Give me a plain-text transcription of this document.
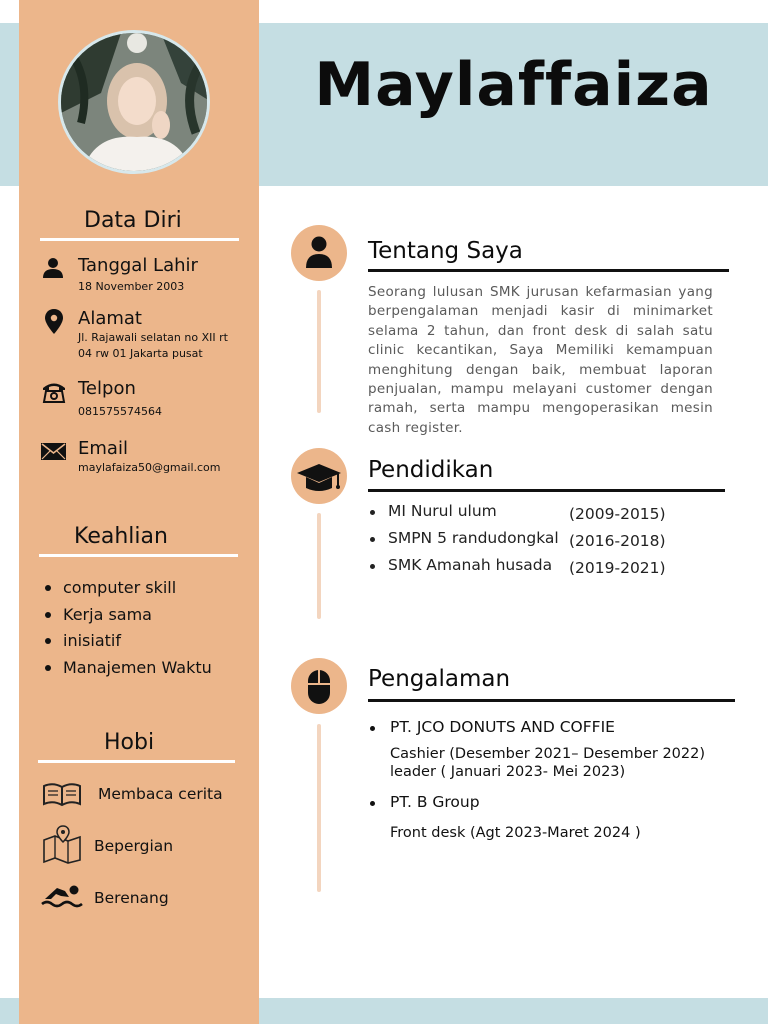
Maylaffaiza
Data Diri
Tanggal Lahir
18 November 2003
Alamat
Jl. Rajawali selatan no XII rt
04 rw 01 Jakarta pusat
Telpon
081575574564
Email
maylafaiza50@gmail.com
Keahlian
computer skill
Kerja sama
inisiatif
Manajemen Waktu
Hobi
Membaca cerita
Bepergian
Berenang
Tentang Saya
Seorang lulusan SMK jurusan kefarmasian yang berpengalaman menjadi kasir di minimarket selama 2 tahun, dan front desk di salah satu clinic kecantikan, Saya Memiliki kemampuan menghitung dengan baik, membuat laporan penjualan, mampu melayani customer dengan ramah, serta mampu mengoperasikan mesin cash register.
Pendidikan
MI Nurul ulum	(2009-2015)
SMPN 5 randudongkal (2016-2018)
SMK Amanah husada (2019-2021)
Pengalaman
PT. JCO DONUTS AND COFFIE
Cashier (Desember 2021– Desember 2022)
leader ( Januari 2023- Mei 2023)
PT. B Group
Front desk (Agt 2023-Maret 2024 )
